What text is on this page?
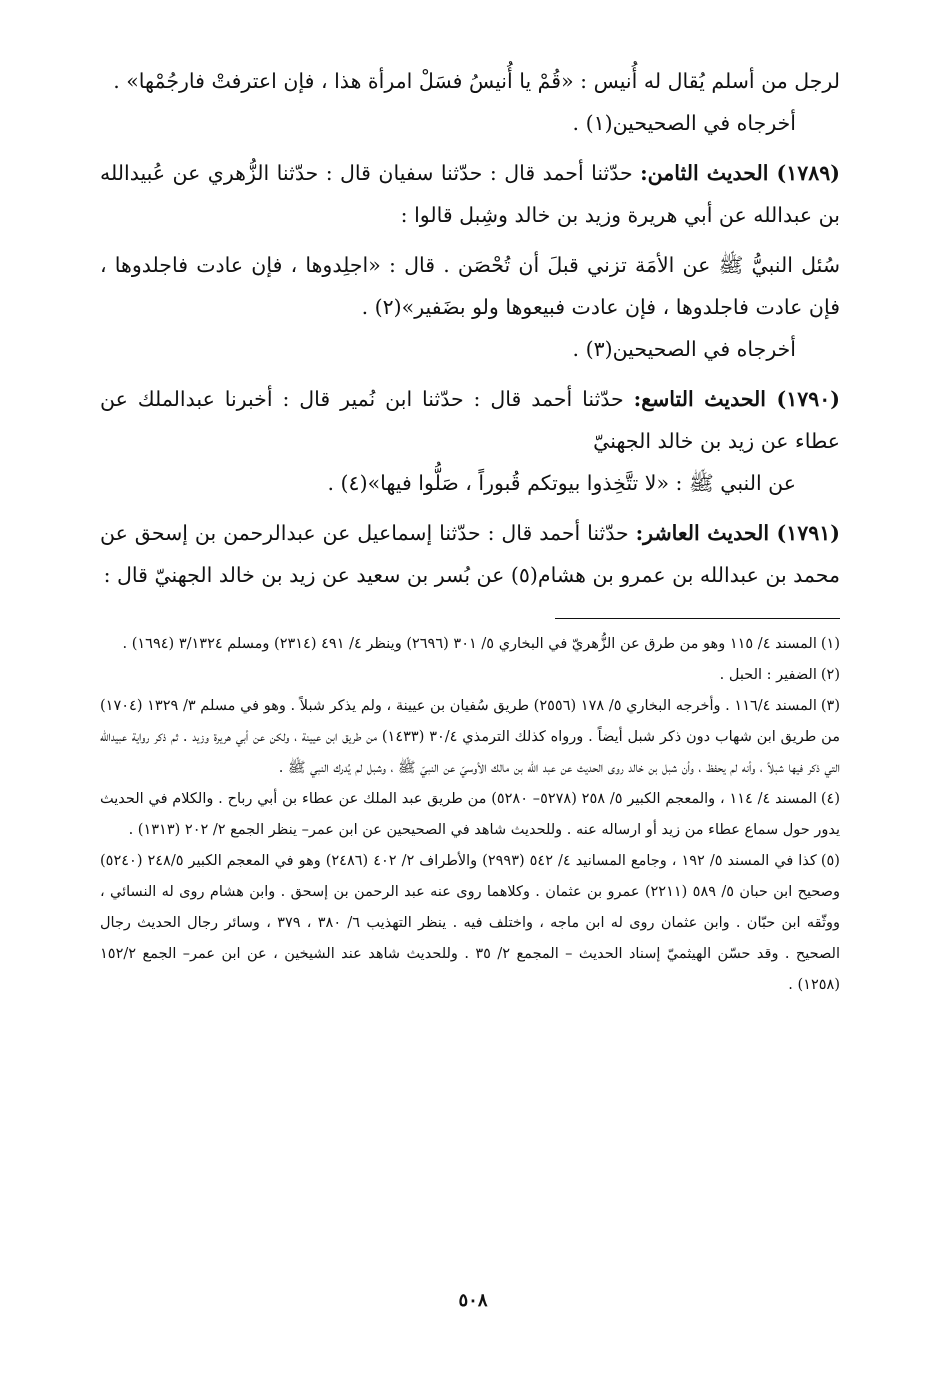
لرجل من أسلم يُقال له أُنيس : «قُمْ يا أُنيسُ فسَلْ امرأة هذا ، فإن اعترفتْ فارجُمْها» .

أخرجاه في الصحيحين(١) .

(١٧٨٩) الحديث الثامن: حدّثنا أحمد قال : حدّثنا سفيان قال : حدّثنا الزُّهري عن عُبيدالله بن عبدالله عن أبي هريرة وزيد بن خالد وشِبل قالوا :

سُئل النبيُّ ﷺ عن الأمَة تزني قبلَ أن تُحْصَن . قال : «اجلِدوها ، فإن عادت فاجلدوها ، فإن عادت فاجلدوها ، فإن عادت فبيعوها ولو بضَفير»(٢) .

أخرجاه في الصحيحين(٣) .

(١٧٩٠) الحديث التاسع: حدّثنا أحمد قال : حدّثنا ابن نُمير قال : أخبرنا عبدالملك عن عطاء عن زيد بن خالد الجهنيّ

عن النبي ﷺ : «لا تتَّخِذوا بيوتكم قُبوراً ، صَلُّوا فيها»(٤) .

(١٧٩١) الحديث العاشر: حدّثنا أحمد قال : حدّثنا إسماعيل عن عبدالرحمن بن إسحق عن محمد بن عبدالله بن عمرو بن هشام(٥) عن بُسر بن سعيد عن زيد بن خالد الجهنيّ قال :

(١)المسند ٤/ ١١٥ وهو من طرق عن الزُّهريّ في البخاري ٥/ ٣٠١ (٢٦٩٦) وينظر ٤/ ٤٩١ (٢٣١٤) ومسلم ٣/١٣٢٤ (١٦٩٤) .

(٢)الضفير : الحبل .

(٣)المسند ١١٦/٤ . وأخرجه البخاري ٥/ ١٧٨ (٢٥٥٦) طريق سُفيان بن عيينة ، ولم يذكر شبلاً . وهو في مسلم ٣/ ١٣٢٩ (١٧٠٤) من طريق ابن شهاب دون ذكر شبل أيضاً . ورواه كذلك الترمذي ٣٠/٤ (١٤٣٣) من طريق ابن عيينة ، ولكن عن أبي هريرة وزيد . ثم ذكر رواية عبيدالله التي ذكر فيها شبلاً ، وأنه لم يحفظ ، وأن شبل بن خالد روى الحديث عن عبد الله بن مالك الأوسيّ عن النبيّ ﷺ ، وشبل لم يُدرك النبي ﷺ .

(٤)المسند ٤/ ١١٤ ، والمعجم الكبير ٥/ ٢٥٨ (٥٢٧٨– ٥٢٨٠) من طريق عبد الملك عن عطاء بن أبي رباح . والكلام في الحديث يدور حول سماع عطاء من زيد أو ارساله عنه . وللحديث شاهد في الصحيحين عن ابن عمر– ينظر الجمع ٢/ ٢٠٢ (١٣١٣) .

(٥)كذا في المسند ٥/ ١٩٢ ، وجامع المسانيد ٤/ ٥٤٢ (٢٩٩٣) والأطراف ٢/ ٤٠٢ (٢٤٨٦) وهو في المعجم الكبير ٢٤٨/٥ (٥٢٤٠) وصحيح ابن حبان ٥/ ٥٨٩ (٢٢١١) عمرو بن عثمان . وكلاهما روى عنه عبد الرحمن بن إسحق . وابن هشام روى له النسائي ، ووثّقه ابن حبّان . وابن عثمان روى له ابن ماجه ، واختلف فيه . ينظر التهذيب ٦/ ٣٨٠ ، ٣٧٩ ، وسائر رجال الحديث رجال الصحيح . وقد حسّن الهيثميّ إسناد الحديث – المجمع ٢/ ٣٥ . وللحديث شاهد عند الشيخين ، عن ابن عمر– الجمع ١٥٢/٢ (١٢٥٨) .

٥٠٨
